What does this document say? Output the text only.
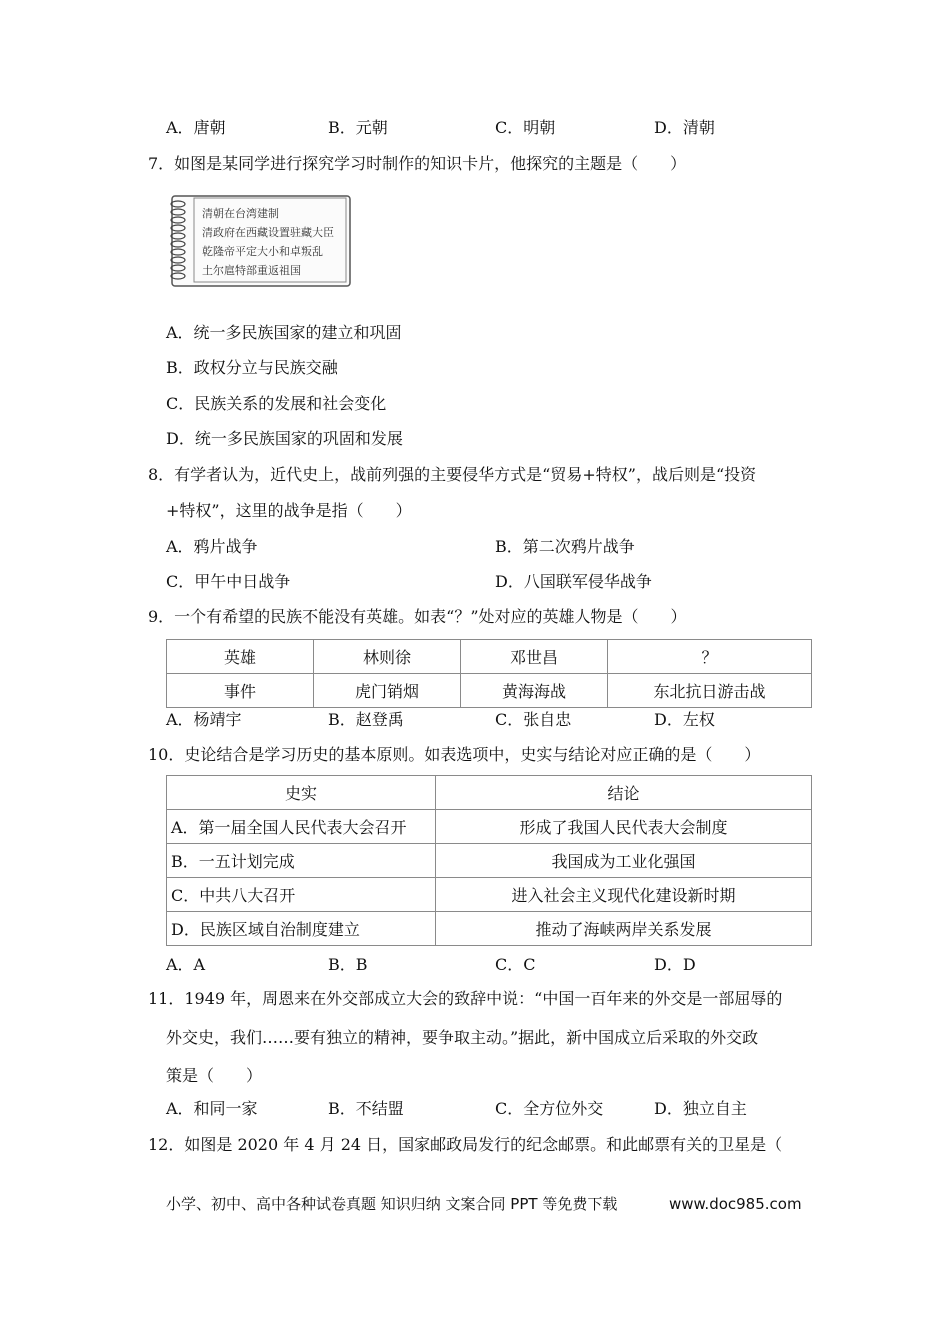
A．唐朝	B．元朝	C．明朝	D．清朝
7．如图是某同学进行探究学习时制作的知识卡片，他探究的主题是（　　）
清朝在台湾建制
清政府在西藏设置驻藏大臣
乾隆帝平定大小和卓叛乱
土尔扈特部重返祖国
A．统一多民族国家的建立和巩固
B．政权分立与民族交融
C．民族关系的发展和社会变化
D．统一多民族国家的巩固和发展
8．有学者认为，近代史上，战前列强的主要侵华方式是“贸易+特权”，战后则是“投资
+特权”，这里的战争是指（　　）
A．鸦片战争	B．第二次鸦片战争
C．甲午中日战争	D．八国联军侵华战争
9．一个有希望的民族不能没有英雄。如表“？”处对应的英雄人物是（　　）
英雄	林则徐	邓世昌	？
事件	虎门销烟	黄海海战	东北抗日游击战
A．杨靖宇	B．赵登禹	C．张自忠	D．左权
10．史论结合是学习历史的基本原则。如表选项中，史实与结论对应正确的是（　　）
史实	结论
A．第一届全国人民代表大会召开	形成了我国人民代表大会制度
B．一五计划完成	我国成为工业化强国
C．中共八大召开	进入社会主义现代化建设新时期
D．民族区域自治制度建立	推动了海峡两岸关系发展
A．A	B．B	C．C	D．D
11．1949 年，周恩来在外交部成立大会的致辞中说：“中国一百年来的外交是一部屈辱的
外交史，我们……要有独立的精神，要争取主动。”据此，新中国成立后采取的外交政
策是（　　）
A．和同一家	B．不结盟	C．全方位外交	D．独立自主
12．如图是 2020 年 4 月 24 日，国家邮政局发行的纪念邮票。和此邮票有关的卫星是（
小学、初中、高中各种试卷真题 知识归纳 文案合同 PPT 等免费下载	www.doc985.com
